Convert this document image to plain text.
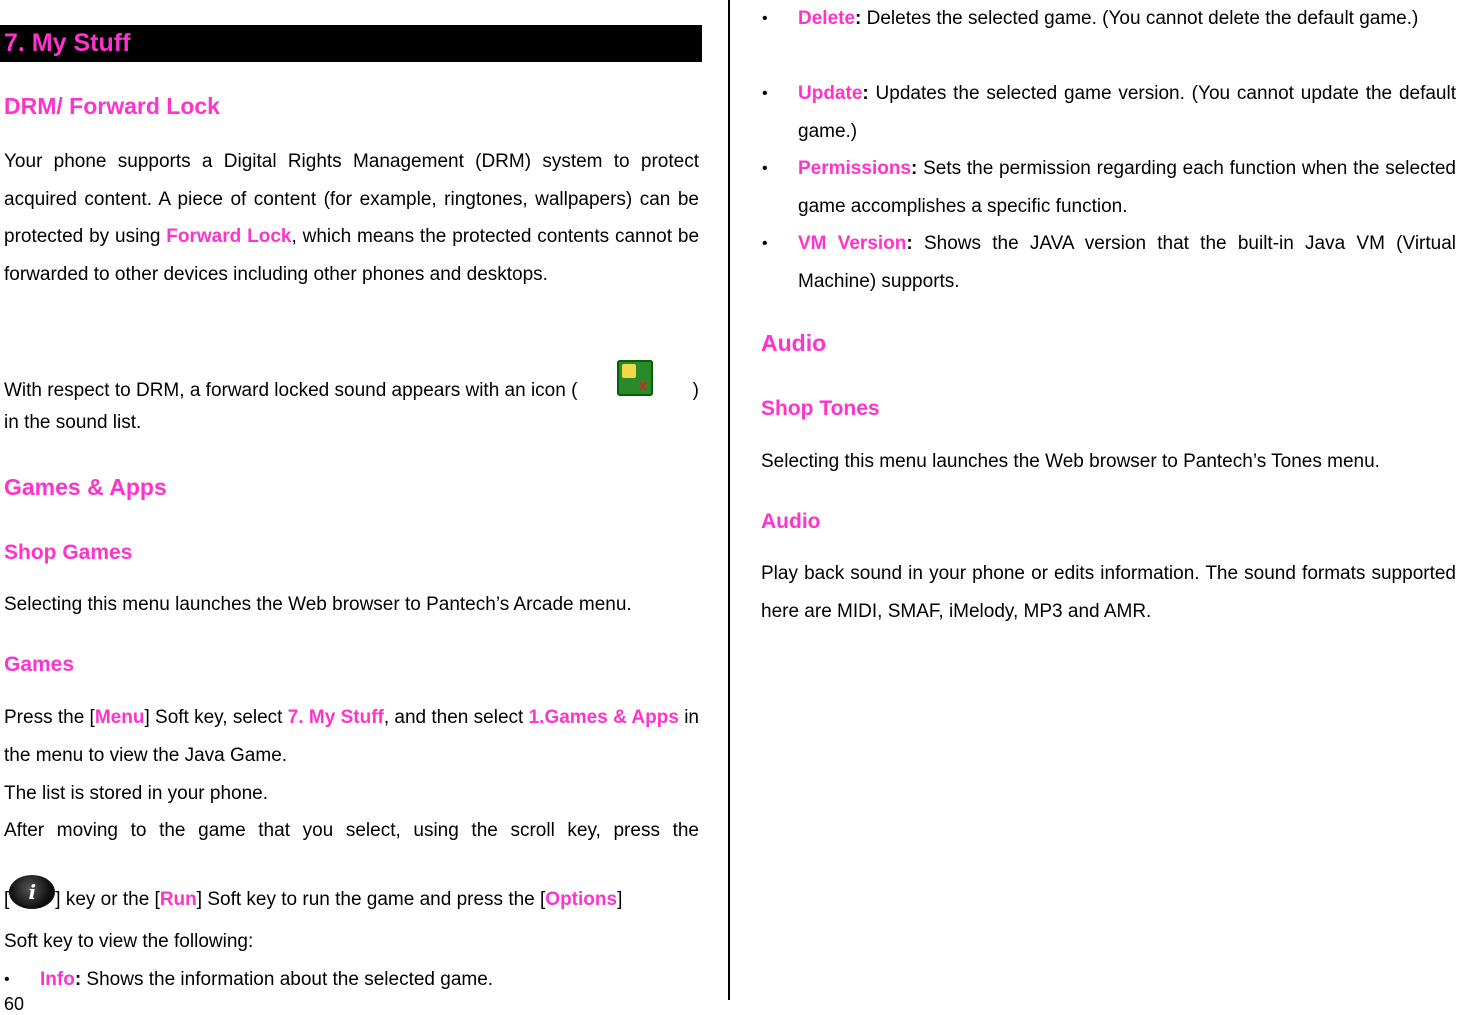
7. My Stuff
DRM/ Forward Lock

Your phone supports a Digital Rights Management (DRM) system to protect acquired content. A piece of content (for example, ringtones, wallpapers) can be protected by using Forward Lock, which means the protected contents cannot be forwarded to other devices including other phones and desktops.

With respect to DRM, a forward locked sound appears with an icon (	x )

in the sound list.

Games & Apps
Shop Games

Selecting this menu launches the Web browser to Pantech’s Arcade menu.

Games

Press the [Menu] Soft key, select 7. My Stuff, and then select 1.Games & Apps in the menu to view the Java Game.

The list is stored in your phone.

After moving to the game that you select, using the scroll key, press the

[ i ] key or the [Run] Soft key to run the game and press the [Options]

Soft key to view the following:

• Info: Shows the information about the selected game.

• Delete: Deletes the selected game. (You cannot delete the default game.)

• Update: Updates the selected game version. (You cannot update the default game.)

• Permissions: Sets the permission regarding each function when the selected game accomplishes a specific function.

• VM Version: Shows the JAVA version that the built-in Java VM (Virtual Machine) supports.

Audio
Shop Tones

Selecting this menu launches the Web browser to Pantech’s Tones menu.

Audio

Play back sound in your phone or edits information. The sound formats supported here are MIDI, SMAF, iMelody, MP3 and AMR.

60
